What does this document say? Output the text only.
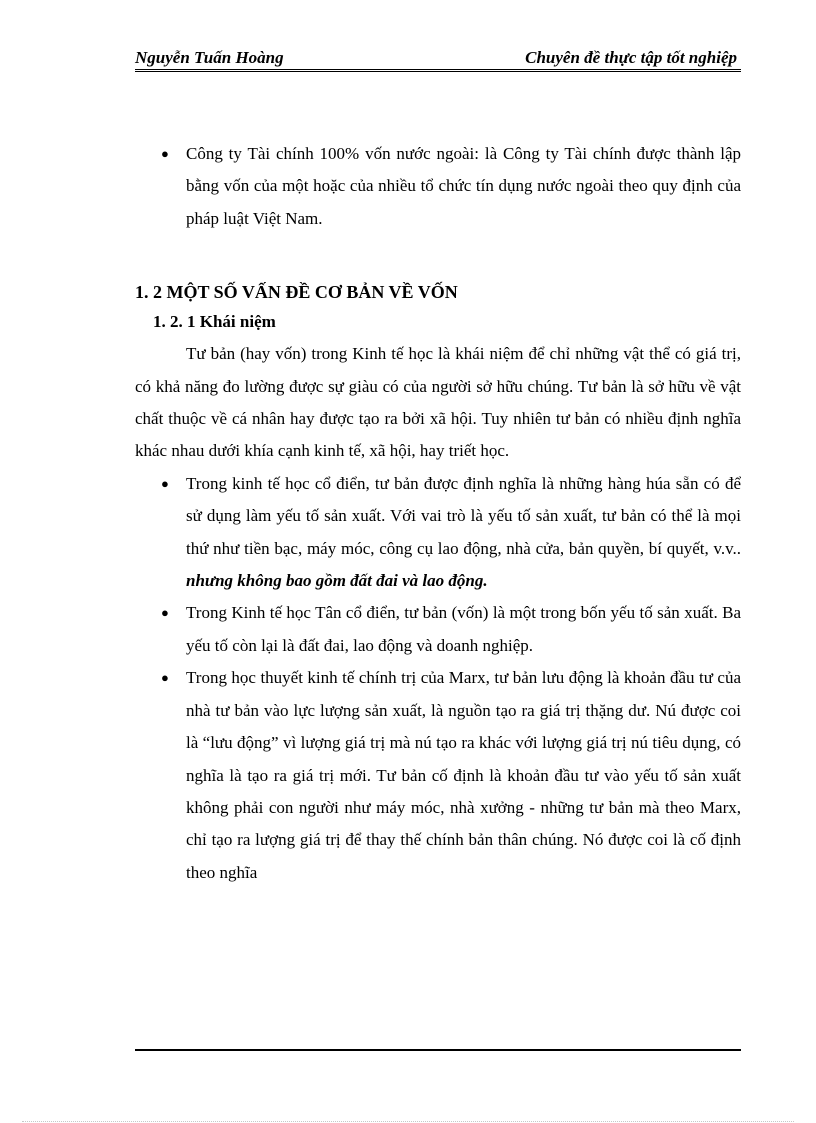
Nguyễn Tuấn Hoàng	Chuyên đề thực tập tốt nghiệp
● Công ty Tài chính 100% vốn nước ngoài: là Công ty Tài chính được thành lập bằng vốn của một hoặc của nhiều tổ chức tín dụng nước ngoài theo quy định của pháp luật Việt Nam.
1. 2 MỘT SỐ VẤN ĐỀ CƠ BẢN VỀ VỐN
1. 2. 1 Khái niệm

Tư bản (hay vốn) trong Kinh tế học là khái niệm để chỉ những vật thể có giá trị, có khả năng đo lường được sự giàu có của người sở hữu chúng. Tư bản là sở hữu về vật chất thuộc về cá nhân hay được tạo ra bởi xã hội. Tuy nhiên tư bản có nhiều định nghĩa khác nhau dưới khía cạnh kinh tế, xã hội, hay triết học.

● Trong kinh tế học cổ điển, tư bản được định nghĩa là những hàng húa sẵn có để sử dụng làm yếu tố sản xuất. Với vai trò là yếu tố sản xuất, tư bản có thể là mọi thứ như tiền bạc, máy móc, công cụ lao động, nhà cửa, bản quyền, bí quyết, v.v.. nhưng không bao gồm đất đai và lao động.
● Trong Kinh tế học Tân cổ điển, tư bản (vốn) là một trong bốn yếu tố sản xuất. Ba yếu tố còn lại là đất đai, lao động và doanh nghiệp.
● Trong học thuyết kinh tế chính trị của Marx, tư bản lưu động là khoản đầu tư của nhà tư bản vào lực lượng sản xuất, là nguồn tạo ra giá trị thặng dư. Nú được coi là “lưu động” vì lượng giá trị mà nú tạo ra khác với lượng giá trị nú tiêu dụng, có nghĩa là tạo ra giá trị mới. Tư bản cố định là khoản đầu tư vào yếu tố sản xuất không phải con người như máy móc, nhà xưởng - những tư bản mà theo Marx, chỉ tạo ra lượng giá trị để thay thế chính bản thân chúng. Nó được coi là cố định theo nghĩa
